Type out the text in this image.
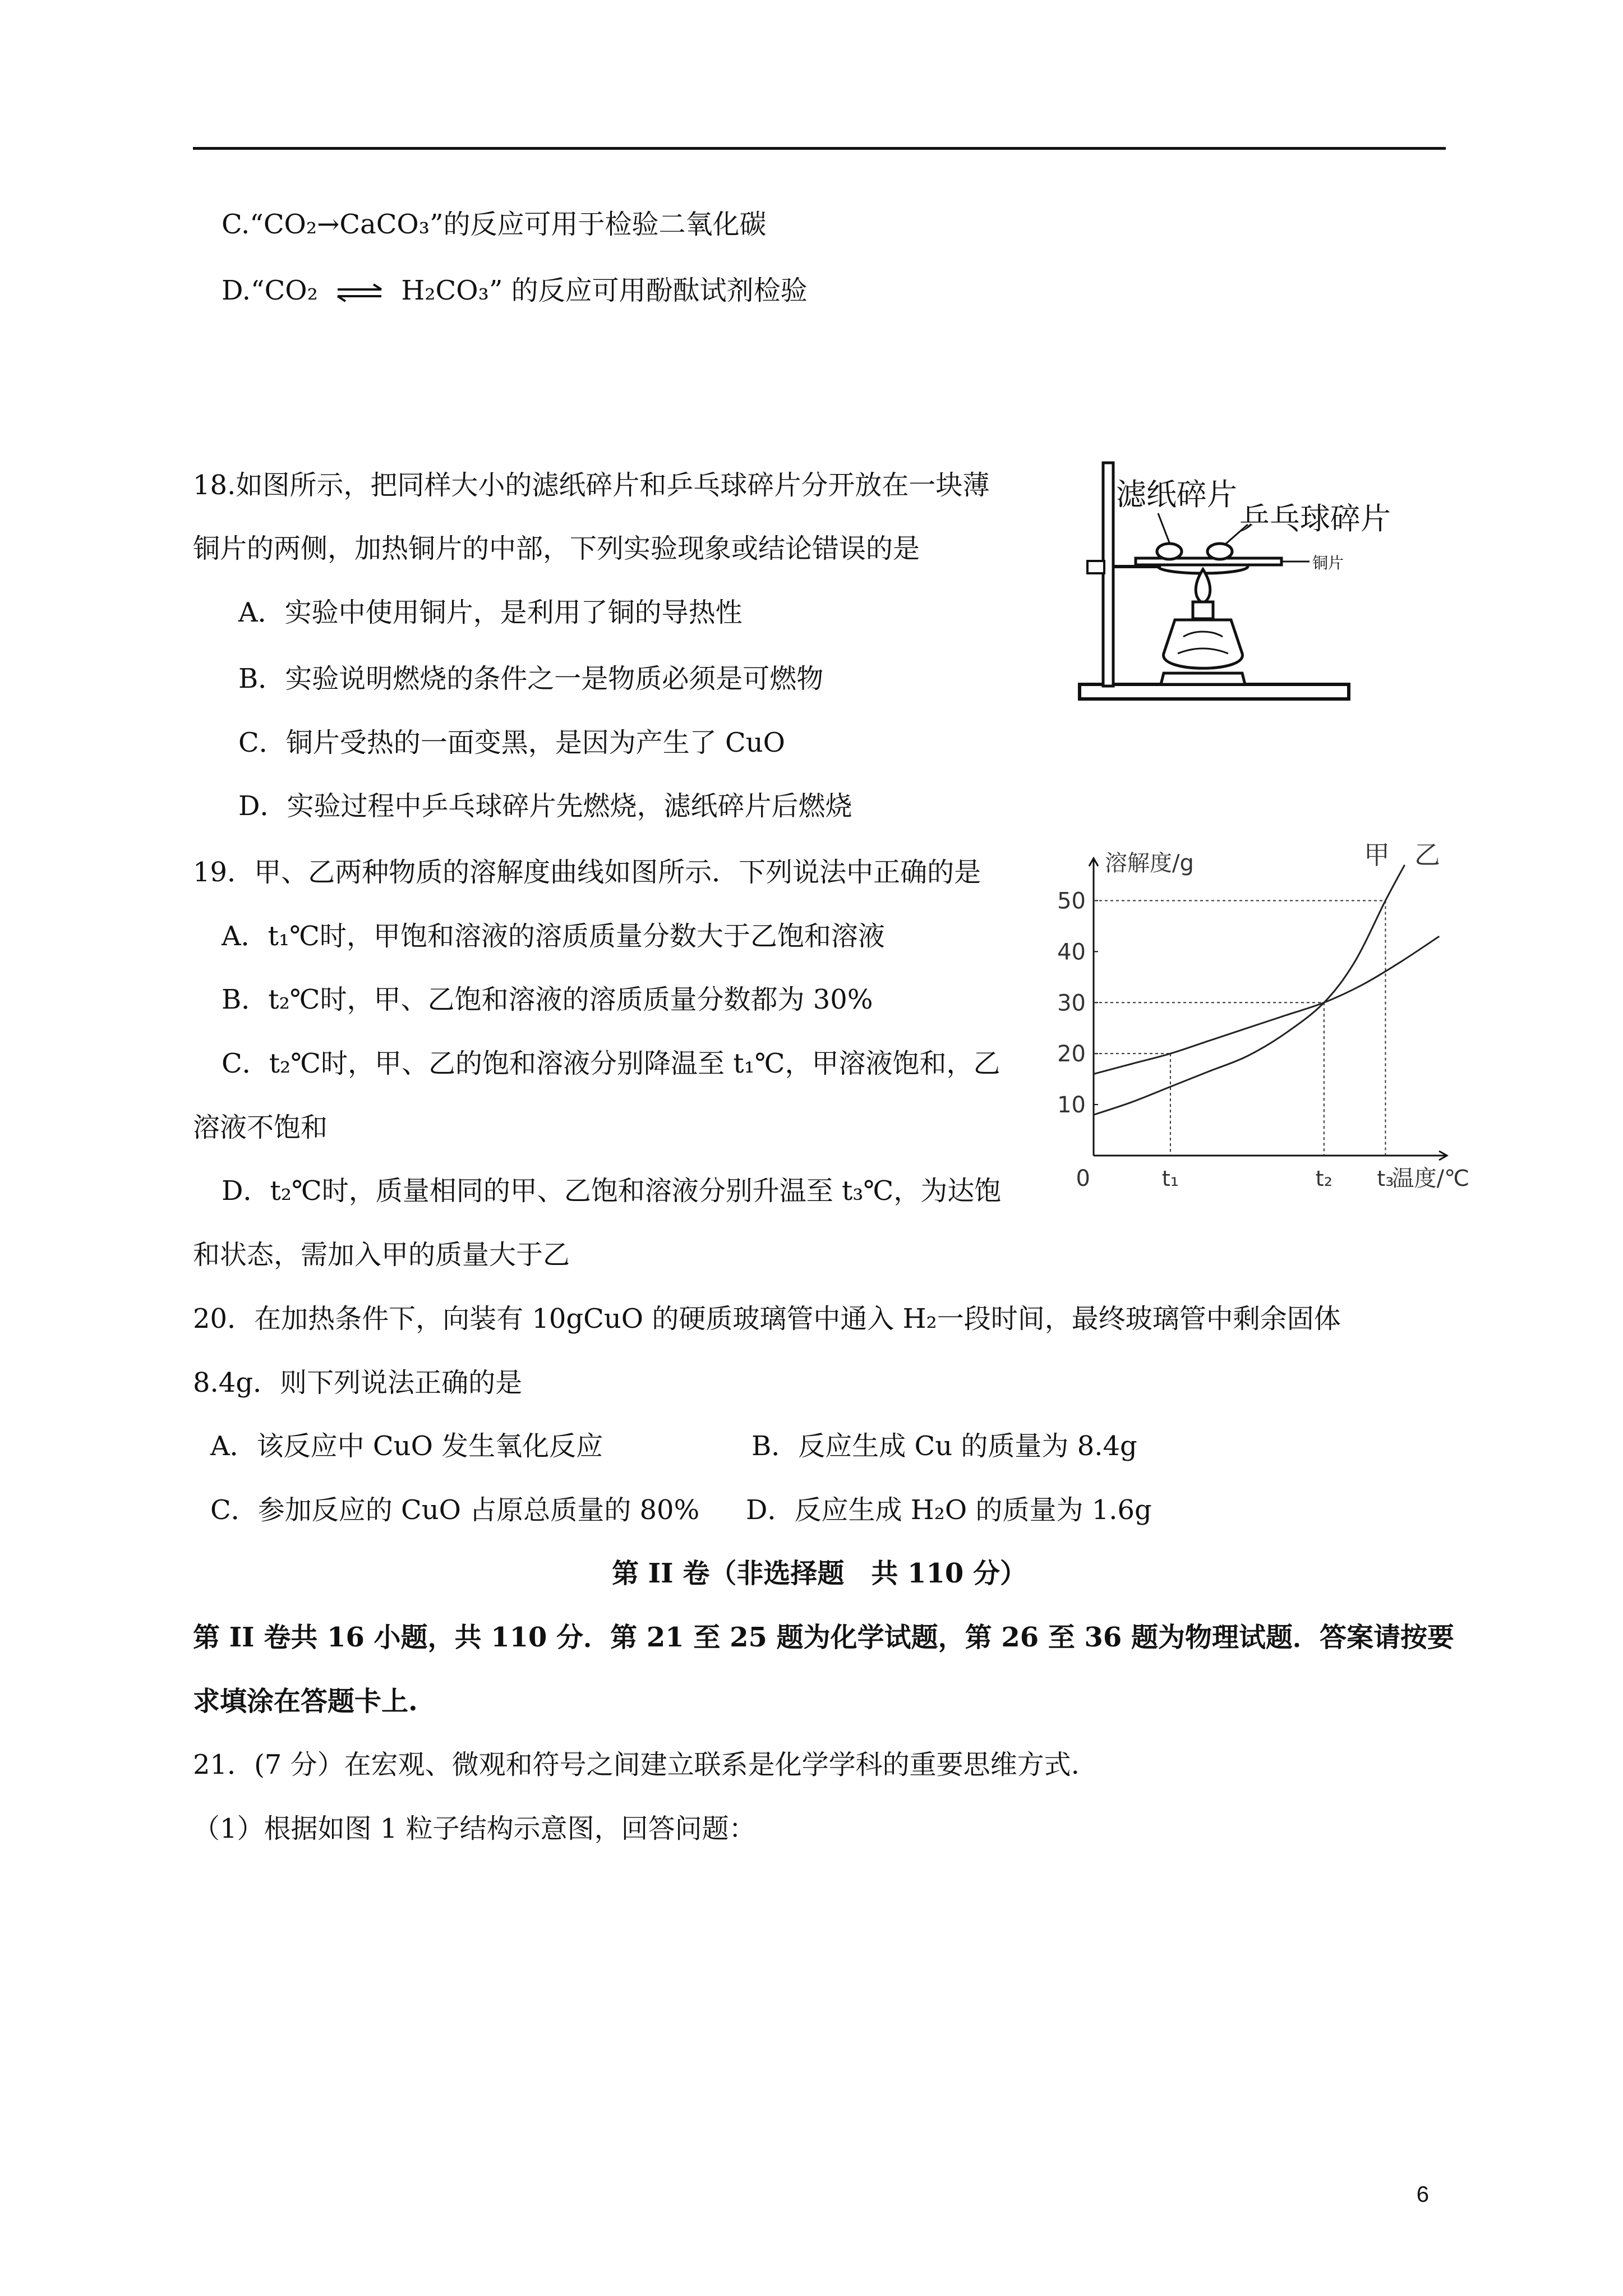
C.“CO₂→CaCO₃”的反应可用于检验二氧化碳
D.“CO₂ ⇌ H₂CO₃” 的反应可用酚酞试剂检验
18.如图所示，把同样大小的滤纸碎片和乒乓球碎片分开放在一块薄
铜片的两侧，加热铜片的中部，下列实验现象或结论错误的是
A．实验中使用铜片，是利用了铜的导热性
B．实验说明燃烧的条件之一是物质必须是可燃物
C．铜片受热的一面变黑，是因为产生了 CuO
D．实验过程中乒乓球碎片先燃烧，滤纸碎片后燃烧
滤纸碎片
乒乓球碎片
铜片
19．甲、乙两种物质的溶解度曲线如图所示．下列说法中正确的是
A．t₁℃时，甲饱和溶液的溶质质量分数大于乙饱和溶液
B．t₂℃时，甲、乙饱和溶液的溶质质量分数都为 30%
C．t₂℃时，甲、乙的饱和溶液分别降温至 t₁℃，甲溶液饱和，乙
溶液不饱和
D．t₂℃时，质量相同的甲、乙饱和溶液分别升温至 t₃℃，为达饱
和状态，需加入甲的质量大于乙
10
20
30
40
50
0	t₁	t₂ t₃
甲 乙
溶解度/g
温度/℃
20．在加热条件下，向装有 10gCuO 的硬质玻璃管中通入 H₂一段时间，最终玻璃管中剩余固体
8.4g．则下列说法正确的是
A．该反应中 CuO 发生氧化反应	B．反应生成 Cu 的质量为 8.4g
C．参加反应的 CuO 占原总质量的 80% D．反应生成 H₂O 的质量为 1.6g
第 II 卷（非选择题　共 110 分）
第 II 卷共 16 小题，共 110 分．第 21 至 25 题为化学试题，第 26 至 36 题为物理试题．答案请按要
求填涂在答题卡上.
21．(7 分）在宏观、微观和符号之间建立联系是化学学科的重要思维方式.
（1）根据如图 1 粒子结构示意图，回答问题：
6
